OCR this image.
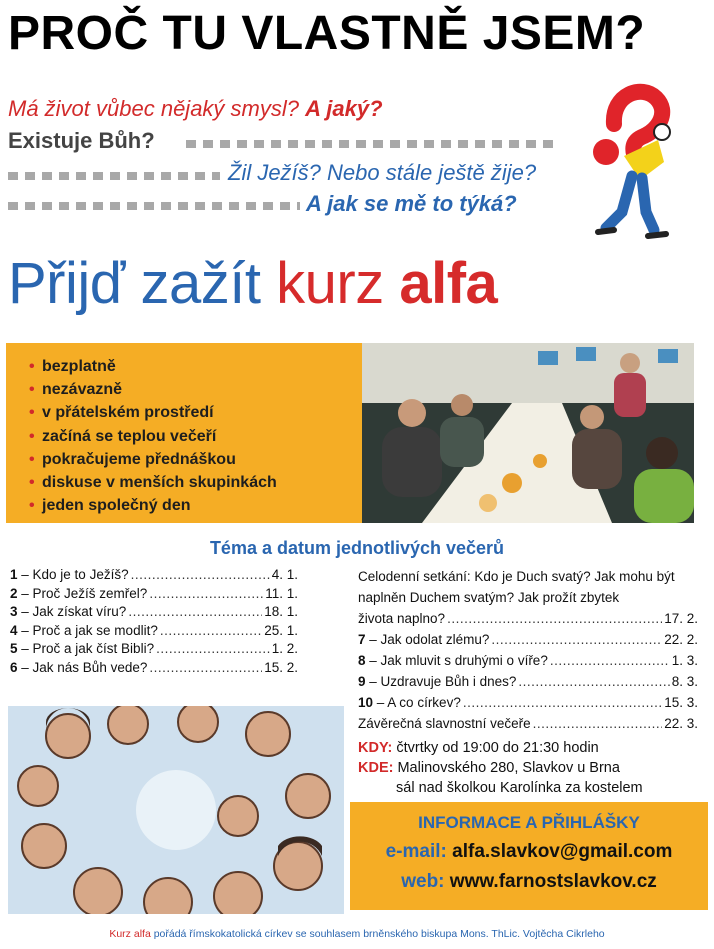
PROČ TU VLASTNĚ JSEM?
Má život vůbec nějaký smysl? A jaký?
Existuje Bůh?
Žil Ježíš? Nebo stále ještě žije?
A jak se mě to týká?
Přijď zažít kurz alfa
• bezplatně
• nezávazně
• v přátelském prostředí
• začíná se teplou večeří
• pokračujeme přednáškou
• diskuse v menších skupinkách
• jeden společný den
Téma a datum jednotlivých večerů
1 – Kdo je to Ježíš? .....	4. 1.
2 – Proč Ježíš zemřel? .....	11. 1.
3 – Jak získat víru? .....	18. 1.
4 – Proč a jak se modlit? .....	25. 1.
5 – Proč a jak číst Bibli? .....	1. 2.
6 – Jak nás Bůh vede? .....	15. 2.
Celodenní setkání: Kdo je Duch svatý? Jak mohu být naplněn Duchem svatým? Jak prožít zbytek
života naplno? .....	17. 2.
7 – Jak odolat zlému? .....	22. 2.
8 – Jak mluvit s druhými o víře? .....	1. 3.
9 – Uzdravuje Bůh i dnes? .....	8. 3.
10 – A co církev? .....	15. 3.
Závěrečná slavnostní večeře .....	22. 3.
KDY: čtvrtky od 19:00 do 21:30 hodin
KDE: Malinovského 280, Slavkov u Brna
sál nad školkou Karolínka za kostelem
INFORMACE A PŘIHLÁŠKY
e-mail: alfa.slavkov@gmail.com
web: www.farnostslavkov.cz
Kurz alfa pořádá římskokatolická církev se souhlasem brněnského biskupa Mons. ThLic. Vojtěcha Cikrleho
